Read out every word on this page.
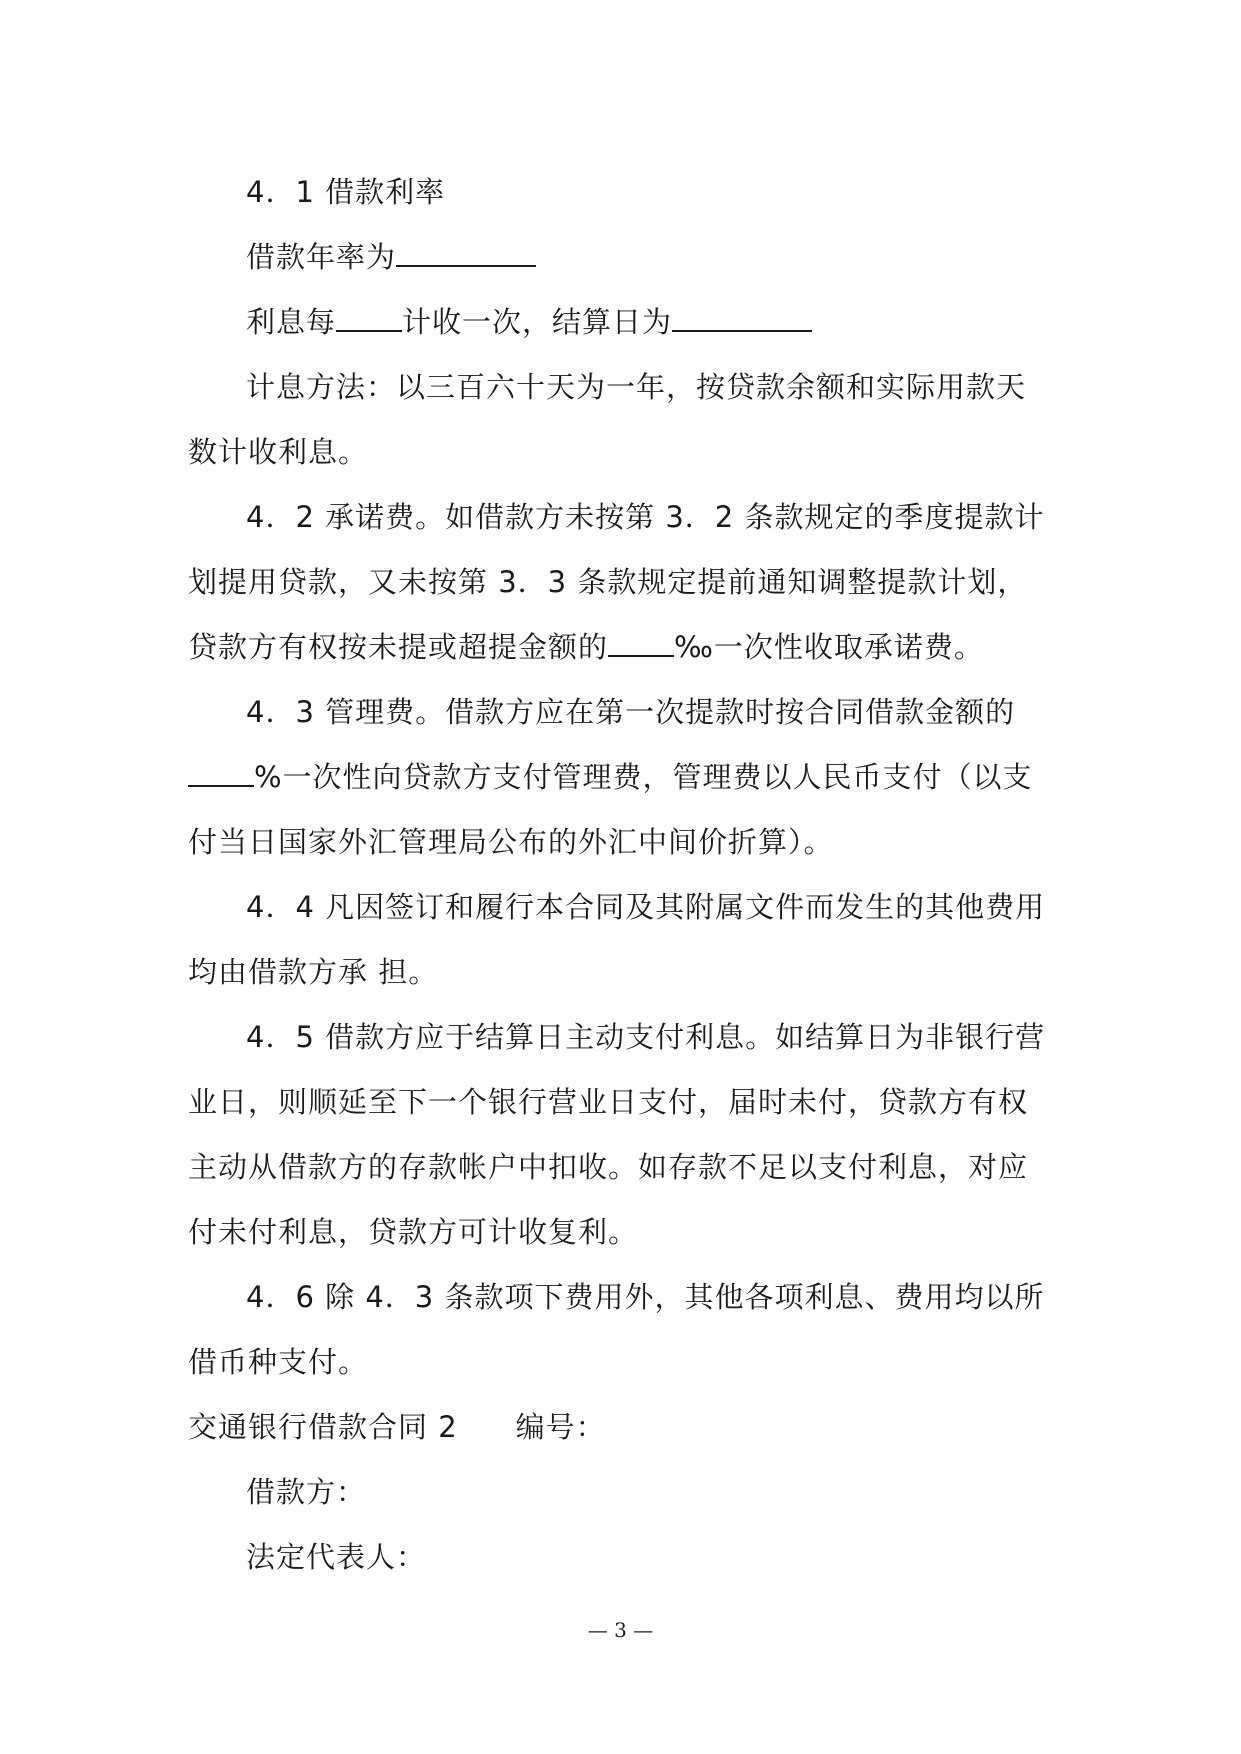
4．1 借款利率

借款年率为

利息每 计收一次，结算日为

计息方法：以三百六十天为一年，按贷款余额和实际用款天数计收利息。

4．2 承诺费。如借款方未按第 3．2 条款规定的季度提款计划提用贷款，又未按第 3．3 条款规定提前通知调整提款计划，贷款方有权按未提或超提金额的 ‰一次性收取承诺费。

4．3 管理费。借款方应在第一次提款时按合同借款金额的%一次性向贷款方支付管理费，管理费以人民币支付（以支付当日国家外汇管理局公布的外汇中间价折算）。

4．4 凡因签订和履行本合同及其附属文件而发生的其他费用均由借款方承 担。

4．5 借款方应于结算日主动支付利息。如结算日为非银行营业日，则顺延至下一个银行营业日支付，届时未付，贷款方有权主动从借款方的存款帐户中扣收。如存款不足以支付利息，对应付未付利息，贷款方可计收复利。

4．6 除 4．3 条款项下费用外，其他各项利息、费用均以所借币种支付。

交通银行借款合同 2 编号：

借款方：

法定代表人：

— 3 —
